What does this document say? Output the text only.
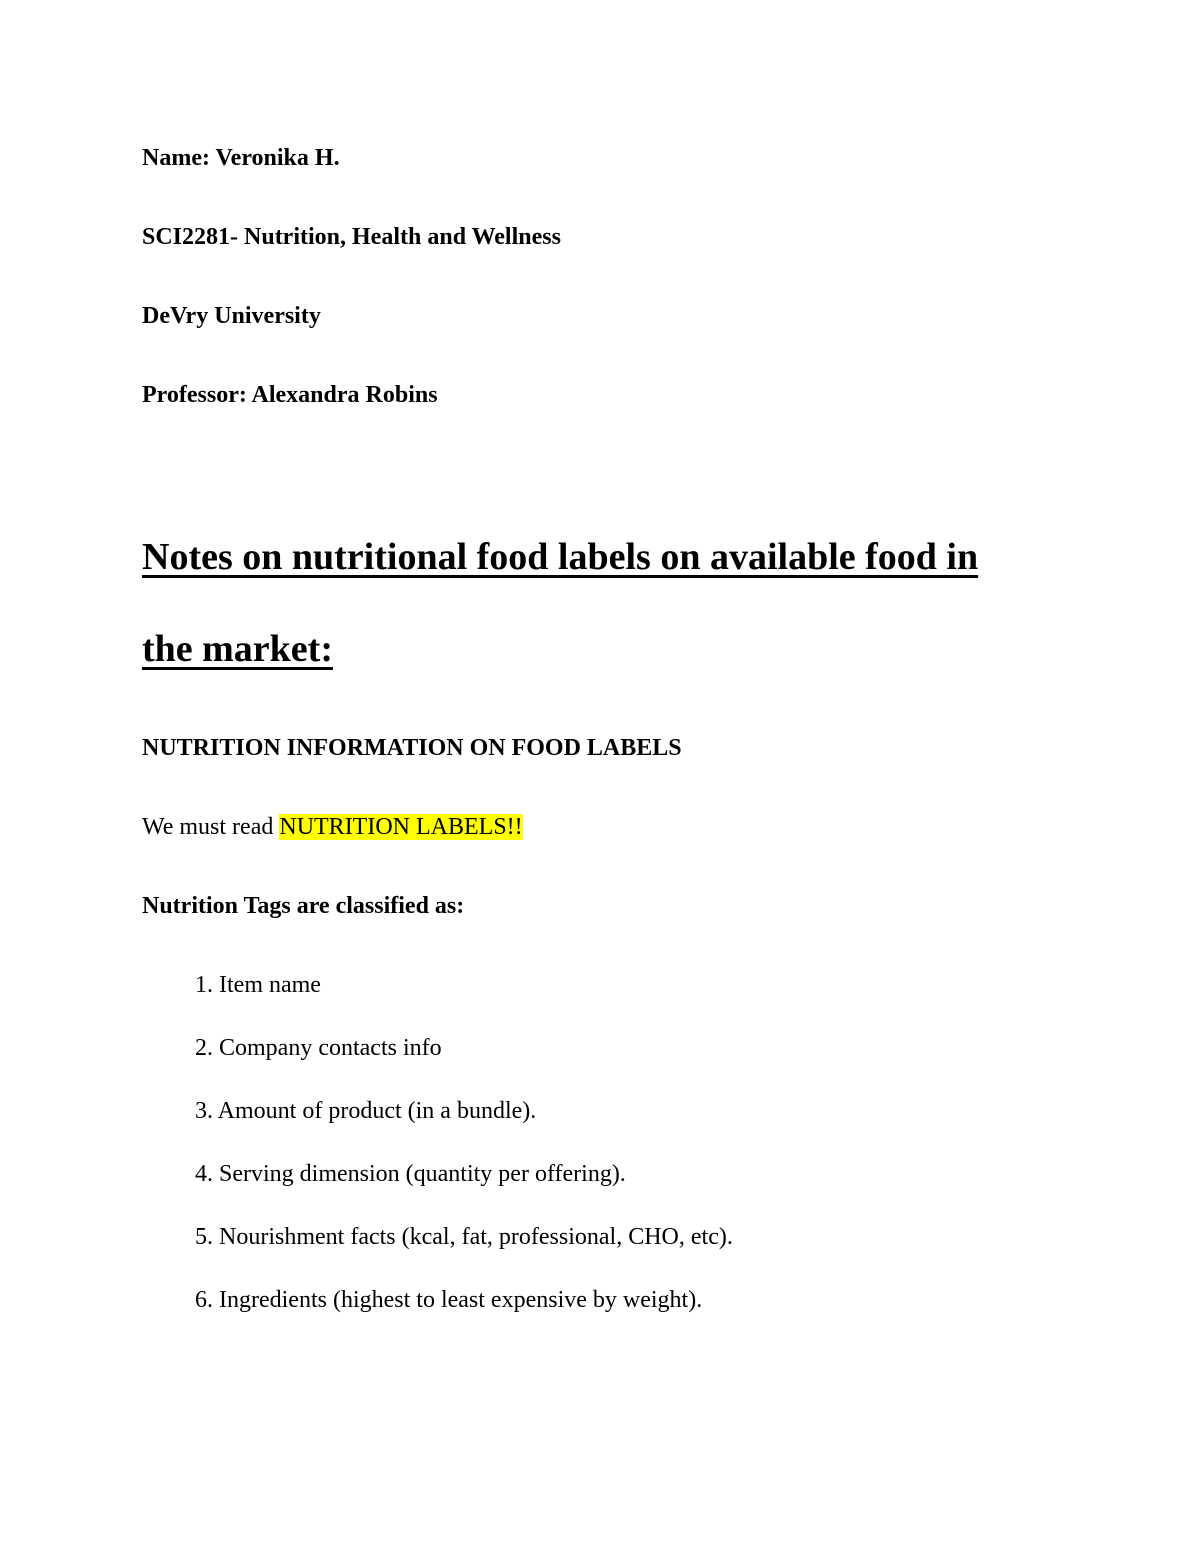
Name: Veronika H.
SCI2281- Nutrition, Health and Wellness
DeVry University
Professor: Alexandra Robins
Notes on nutritional food labels on available food in
the market:
NUTRITION INFORMATION ON FOOD LABELS
We must read NUTRITION LABELS!!
Nutrition Tags are classified as:
1. Item name
2. Company contacts info
3. Amount of product (in a bundle).
4. Serving dimension (quantity per offering).
5. Nourishment facts (kcal, fat, professional, CHO, etc).
6. Ingredients (highest to least expensive by weight).
